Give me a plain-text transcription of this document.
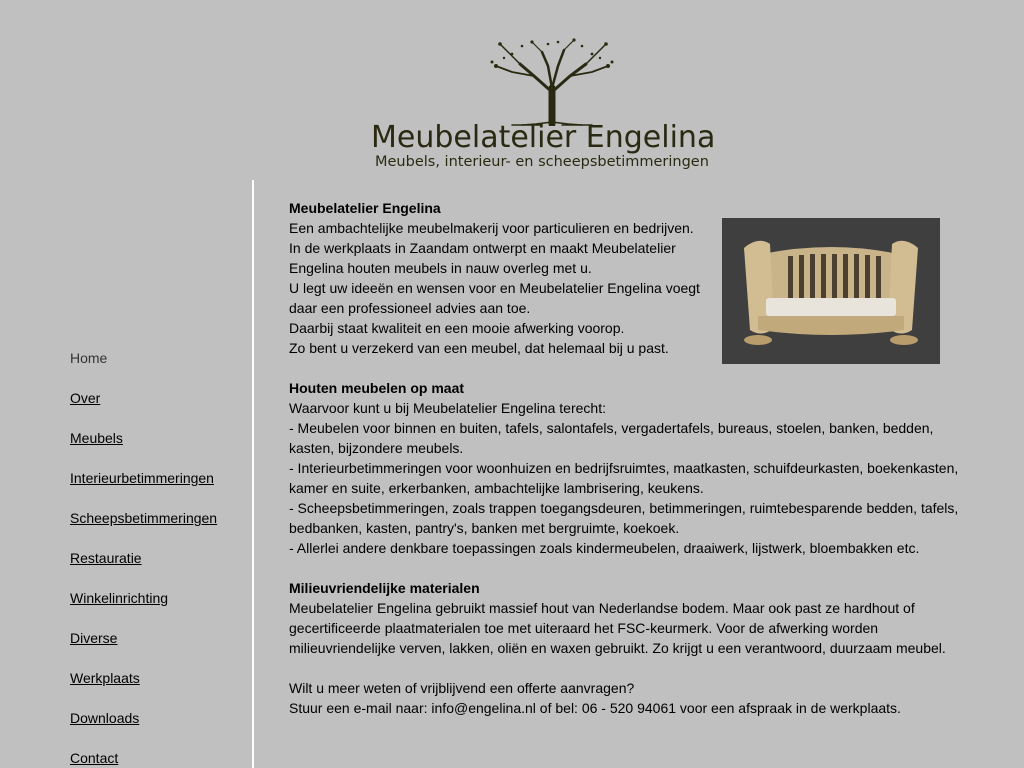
Meubelatelier Engelina
Meubels, interieur- en scheepsbetimmeringen
Home
Over
Meubels
Interieurbetimmeringen
Scheepsbetimmeringen
Restauratie
Winkelinrichting
Diverse
Werkplaats
Downloads
Contact

Meubelatelier Engelina

Een ambachtelijke meubelmakerij voor particulieren en bedrijven.

In de werkplaats in Zaandam ontwerpt en maakt Meubelatelier

Engelina houten meubels in nauw overleg met u.

U legt uw ideeën en wensen voor en Meubelatelier Engelina voegt

daar een professioneel advies aan toe.

Daarbij staat kwaliteit en een mooie afwerking voorop.

Zo bent u verzekerd van een meubel, dat helemaal bij u past.

Houten meubelen op maat

Waarvoor kunt u bij Meubelatelier Engelina terecht:

- Meubelen voor binnen en buiten, tafels, salontafels, vergadertafels, bureaus, stoelen, banken, bedden,

kasten, bijzondere meubels.

- Interieurbetimmeringen voor woonhuizen en bedrijfsruimtes, maatkasten, schuifdeurkasten, boekenkasten,

kamer en suite, erkerbanken, ambachtelijke lambrisering, keukens.

- Scheepsbetimmeringen, zoals trappen toegangsdeuren, betimmeringen, ruimtebesparende bedden, tafels,

bedbanken, kasten, pantry's, banken met bergruimte, koekoek.

- Allerlei andere denkbare toepassingen zoals kindermeubelen, draaiwerk, lijstwerk, bloembakken etc.

Milieuvriendelijke materialen

Meubelatelier Engelina gebruikt massief hout van Nederlandse bodem. Maar ook past ze hardhout of

gecertificeerde plaatmaterialen toe met uiteraard het FSC-keurmerk. Voor de afwerking worden

milieuvriendelijke verven, lakken, oliën en waxen gebruikt. Zo krijgt u een verantwoord, duurzaam meubel.

Wilt u meer weten of vrijblijvend een offerte aanvragen?

Stuur een e-mail naar: info@engelina.nl of bel: 06 - 520 94061 voor een afspraak in de werkplaats.
